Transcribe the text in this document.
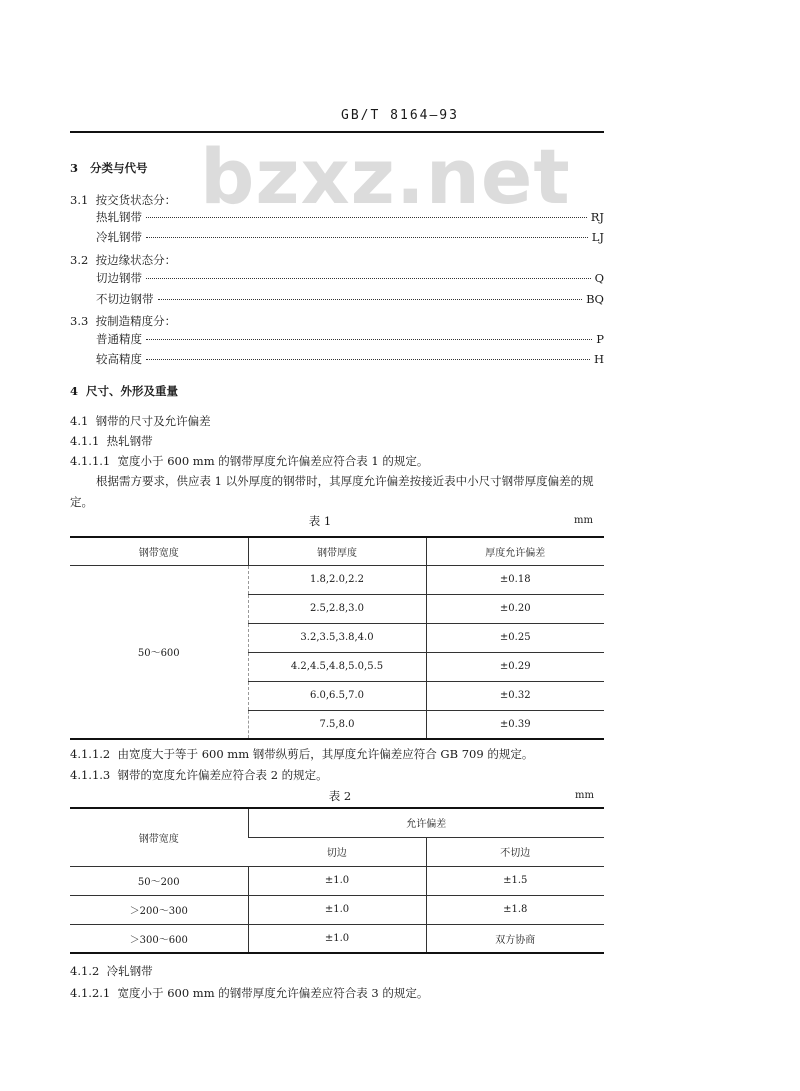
GB/T 8164—93
bzxz.net
3 分类与代号
3.1 按交货状态分：
热轧钢带	RJ
冷轧钢带	LJ
3.2 按边缘状态分：
切边钢带	Q
不切边钢带	BQ
3.3 按制造精度分：
普通精度	P
较高精度	H
4 尺寸、外形及重量
4.1 钢带的尺寸及允许偏差
4.1.1 热轧钢带
4.1.1.1 宽度小于 600 mm 的钢带厚度允许偏差应符合表 1 的规定。
根据需方要求，供应表 1 以外厚度的钢带时，其厚度允许偏差按接近表中小尺寸钢带厚度偏差的规
定。
表 1	mm
钢带宽度	钢带厚度	厚度允许偏差
50～600	1.8,2.0,2.2	±0.18
	2.5,2.8,3.0	±0.20
	3.2,3.5,3.8,4.0	±0.25
	4.2,4.5,4.8,5.0,5.5	±0.29
	6.0,6.5,7.0	±0.32
	7.5,8.0	±0.39
4.1.1.2 由宽度大于等于 600 mm 钢带纵剪后，其厚度允许偏差应符合 GB 709 的规定。
4.1.1.3 钢带的宽度允许偏差应符合表 2 的规定。
表 2	mm
钢带宽度	允许偏差	
	切边	不切边
50～200	±1.0	±1.5
＞200～300	±1.0	±1.8
＞300～600	±1.0	双方协商
4.1.2 冷轧钢带
4.1.2.1 宽度小于 600 mm 的钢带厚度允许偏差应符合表 3 的规定。
